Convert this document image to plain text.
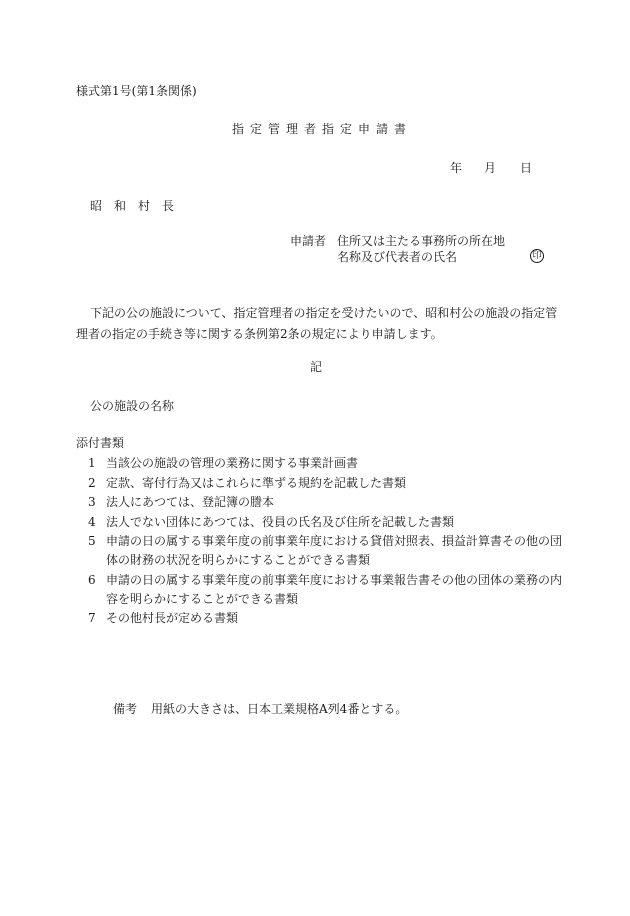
様式第1号(第1条関係)
指定管理者指定申請書
年 月 日
昭和村長
申請者 住所又は主たる事務所の所在地
名称及び代表者の氏名	印
下記の公の施設について、指定管理者の指定を受けたいので、昭和村公の施設の指定管理者の指定の手続き等に関する条例第2条の規定により申請します。
記
公の施設の名称
添付書類
1 当該公の施設の管理の業務に関する事業計画書
2 定款、寄付行為又はこれらに準ずる規約を記載した書類
3 法人にあつては、登記簿の謄本
4 法人でない団体にあつては、役員の氏名及び住所を記載した書類
5 申請の日の属する事業年度の前事業年度における貸借対照表、損益計算書その他の団体の財務の状況を明らかにすることができる書類
6 申請の日の属する事業年度の前事業年度における事業報告書その他の団体の業務の内容を明らかにすることができる書類
7 その他村長が定める書類
備考 用紙の大きさは、日本工業規格A列4番とする。
